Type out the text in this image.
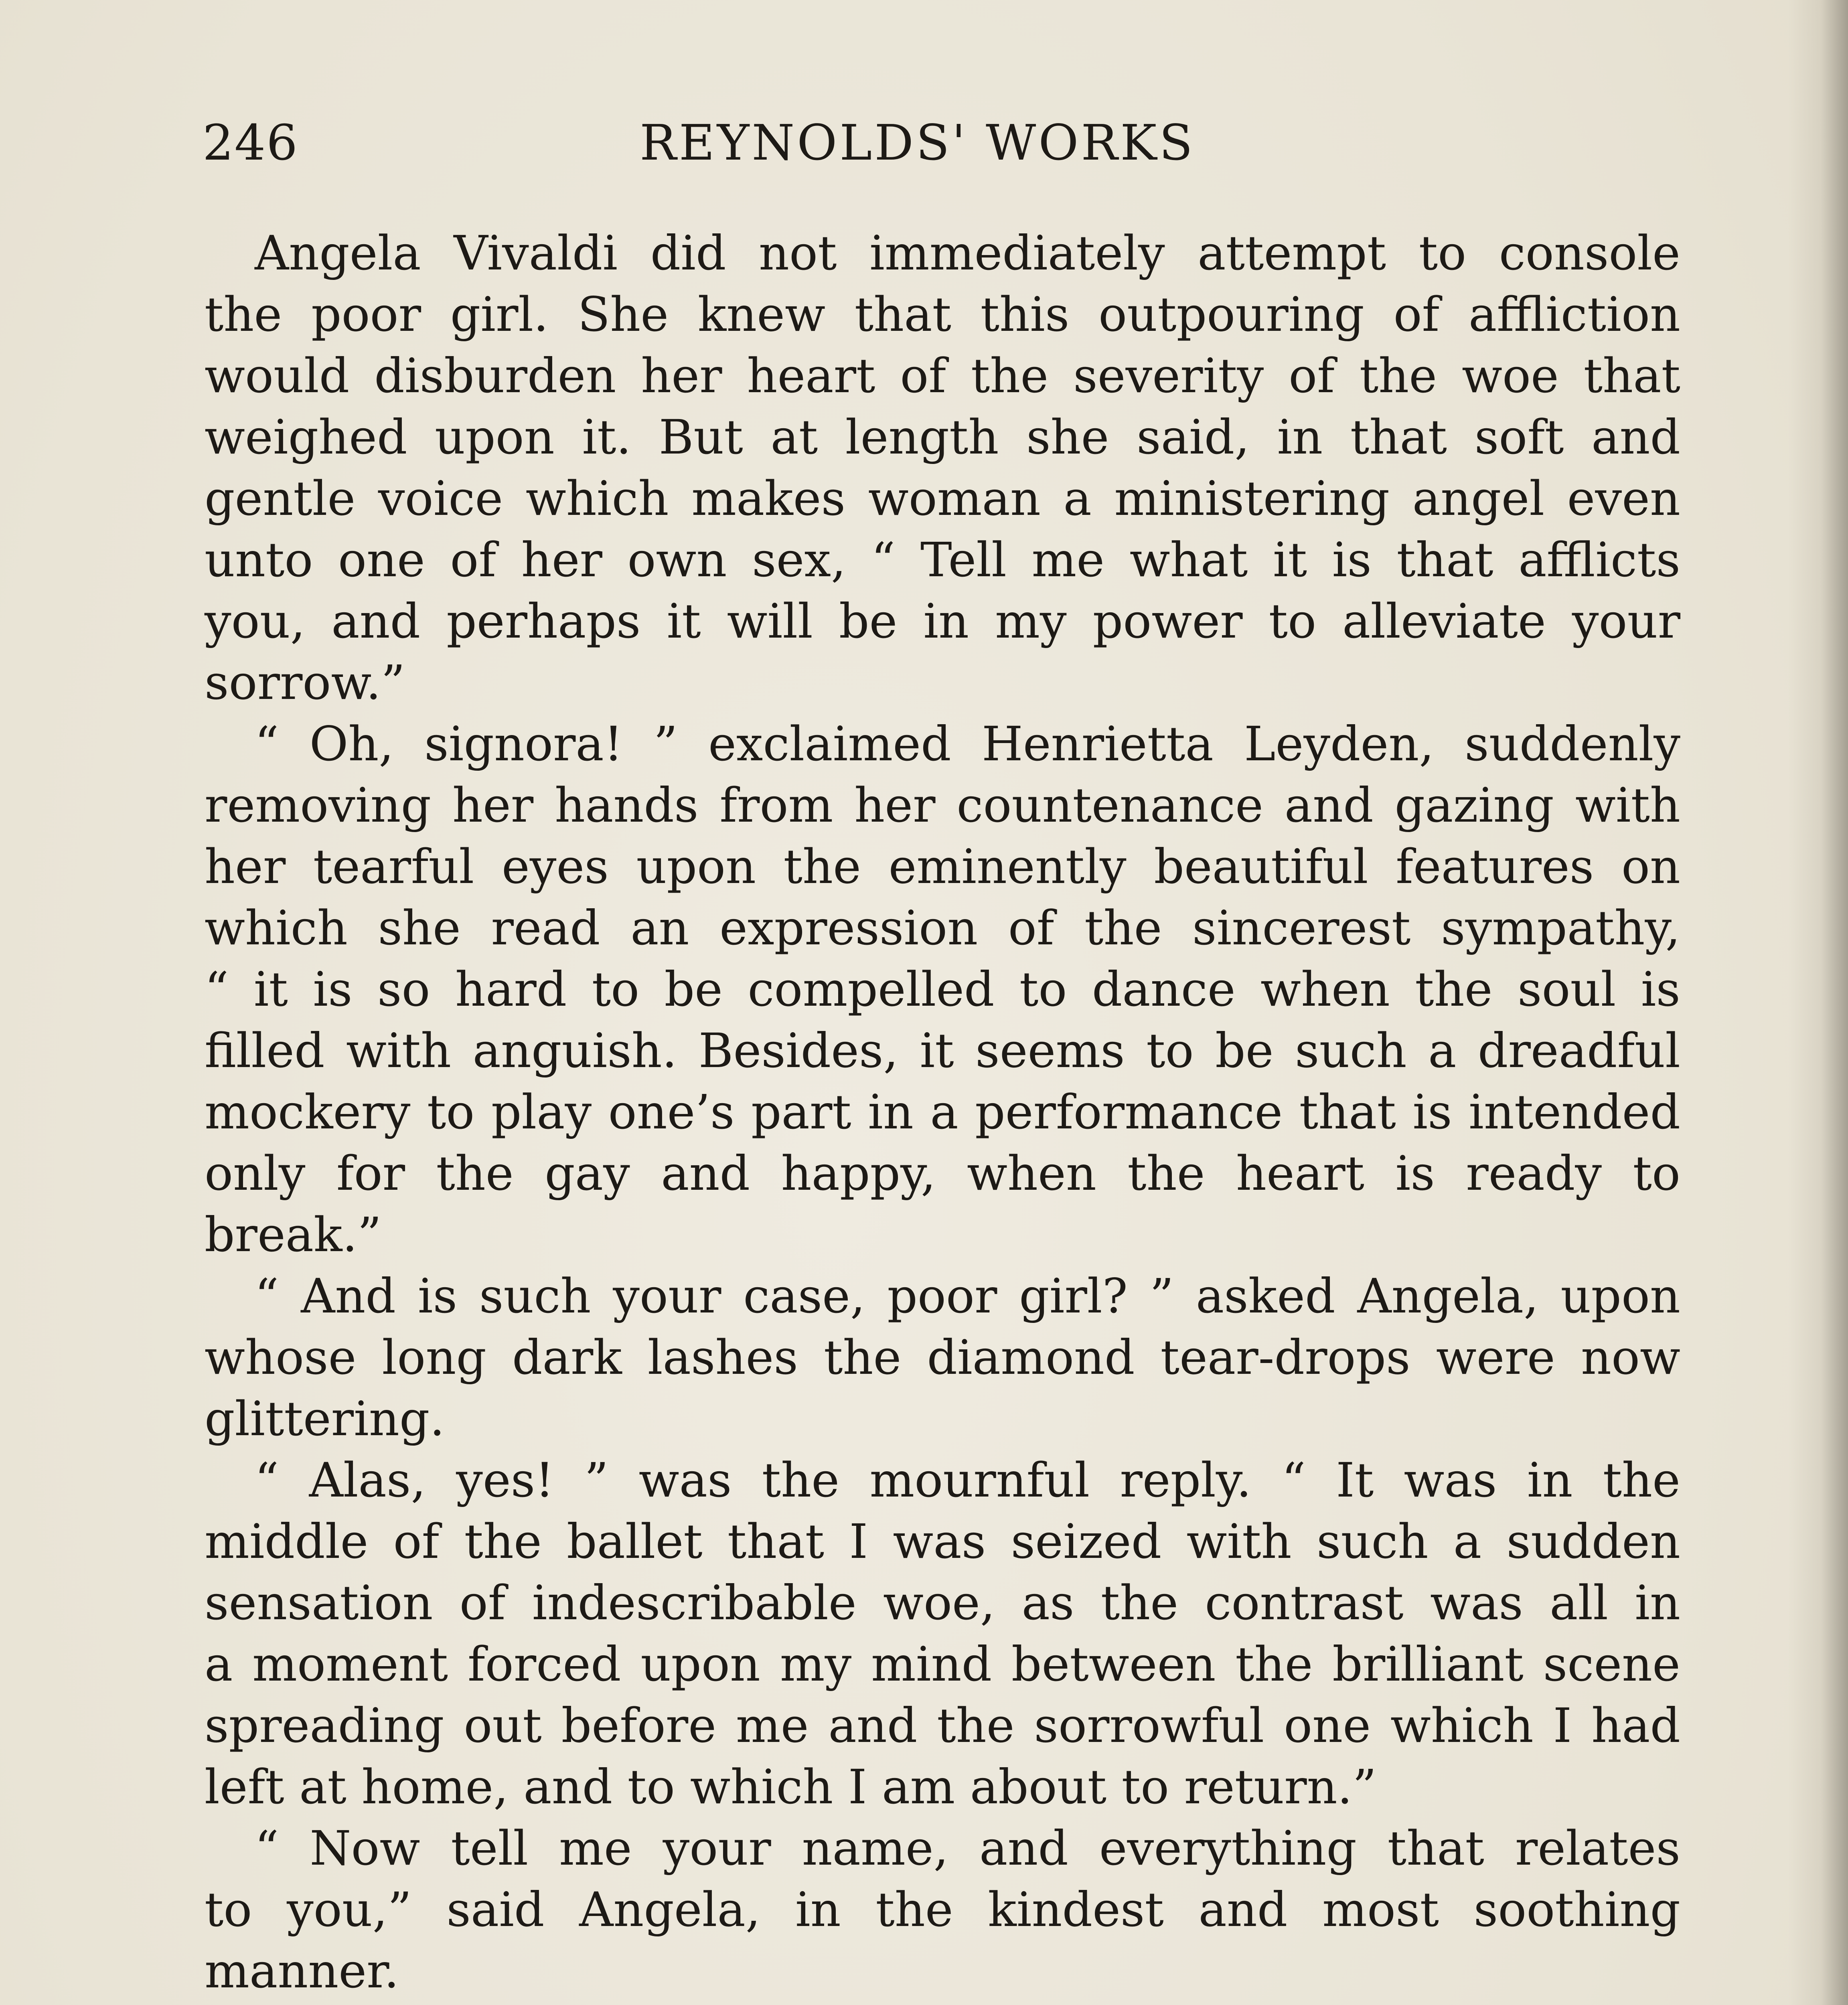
246	REYNOLDS' WORKS

Angela Vivaldi did not immediately attempt to console
the poor girl. She knew that this outpouring of affliction
would disburden her heart of the severity of the woe that
weighed upon it. But at length she said, in that soft and
gentle voice which makes woman a ministering angel even
unto one of her own sex, “ Tell me what it is that afflicts
you, and perhaps it will be in my power to alleviate your
sorrow.”

“ Oh, signora! ” exclaimed Henrietta Leyden, suddenly
removing her hands from her countenance and gazing with
her tearful eyes upon the eminently beautiful features on
which she read an expression of the sincerest sympathy,
“ it is so hard to be compelled to dance when the soul is
filled with anguish. Besides, it seems to be such a dreadful
mockery to play one’s part in a performance that is intended
only for the gay and happy, when the heart is ready to
break.”

“ And is such your case, poor girl? ” asked Angela, upon
whose long dark lashes the diamond tear-drops were now
glittering.

“ Alas, yes! ” was the mournful reply. “ It was in the
middle of the ballet that I was seized with such a sudden
sensation of indescribable woe, as the contrast was all in
a moment forced upon my mind between the brilliant scene
spreading out before me and the sorrowful one which I had
left at home, and to which I am about to return.”

“ Now tell me your name, and everything that relates
to you,” said Angela, in the kindest and most soothing
manner.
